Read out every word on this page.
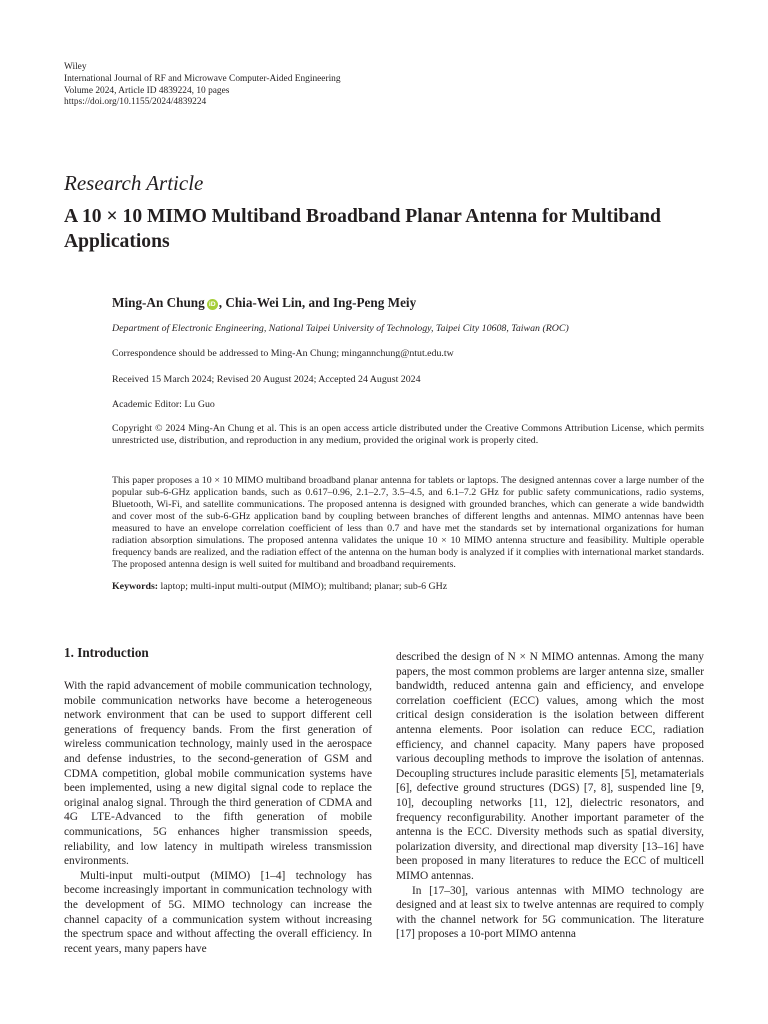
Wiley
International Journal of RF and Microwave Computer-Aided Engineering
Volume 2024, Article ID 4839224, 10 pages
https://doi.org/10.1155/2024/4839224
Research Article
A 10 × 10 MIMO Multiband Broadband Planar Antenna for Multiband Applications
Ming-An Chung iD , Chia-Wei Lin, and Ing-Peng Meiy
Department of Electronic Engineering, National Taipei University of Technology, Taipei City 10608, Taiwan (ROC)
Correspondence should be addressed to Ming-An Chung; mingannchung@ntut.edu.tw
Received 15 March 2024; Revised 20 August 2024; Accepted 24 August 2024
Academic Editor: Lu Guo
Copyright © 2024 Ming-An Chung et al. This is an open access article distributed under the Creative Commons Attribution License, which permits unrestricted use, distribution, and reproduction in any medium, provided the original work is properly cited.

This paper proposes a 10 × 10 MIMO multiband broadband planar antenna for tablets or laptops. The designed antennas cover a large number of the popular sub-6-GHz application bands, such as 0.617–0.96, 2.1–2.7, 3.5–4.5, and 6.1–7.2 GHz for public safety communications, radio systems, Bluetooth, Wi-Fi, and satellite communications. The proposed antenna is designed with grounded branches, which can generate a wide bandwidth and cover most of the sub-6-GHz application band by coupling between branches of different lengths and antennas. MIMO antennas have been measured to have an envelope correlation coefficient of less than 0.7 and have met the standards set by international organizations for human radiation absorption simulations. The proposed antenna validates the unique 10 × 10 MIMO antenna structure and feasibility. Multiple operable frequency bands are realized, and the radiation effect of the antenna on the human body is analyzed if it complies with international market standards. The proposed antenna design is well suited for multiband and broadband requirements.

Keywords: laptop; multi-input multi-output (MIMO); multiband; planar; sub-6 GHz
1. Introduction

With the rapid advancement of mobile communication technology, mobile communication networks have become a heterogeneous network environment that can be used to support different cell generations of frequency bands. From the first generation of wireless communication technology, mainly used in the aerospace and defense industries, to the second-generation of GSM and CDMA competition, global mobile communication systems have been implemented, using a new digital signal code to replace the original analog signal. Through the third generation of CDMA and 4G LTE-Advanced to the fifth generation of mobile communications, 5G enhances higher transmission speeds, reliability, and low latency in multipath wireless transmission environments.

Multi-input multi-output (MIMO) [1–4] technology has become increasingly important in communication technology with the development of 5G. MIMO technology can increase the channel capacity of a communication system without increasing the spectrum space and without affecting the overall efficiency. In recent years, many papers have

described the design of N × N MIMO antennas. Among the many papers, the most common problems are larger antenna size, smaller bandwidth, reduced antenna gain and efficiency, and envelope correlation coefficient (ECC) values, among which the most critical design consideration is the isolation between different antenna elements. Poor isolation can reduce ECC, radiation efficiency, and channel capacity. Many papers have proposed various decoupling methods to improve the isolation of antennas. Decoupling structures include parasitic elements [5], metamaterials [6], defective ground structures (DGS) [7, 8], suspended line [9, 10], decoupling networks [11, 12], dielectric resonators, and frequency reconfigurability. Another important parameter of the antenna is the ECC. Diversity methods such as spatial diversity, polarization diversity, and directional map diversity [13–16] have been proposed in many literatures to reduce the ECC of multicell MIMO antennas.

In [17–30], various antennas with MIMO technology are designed and at least six to twelve antennas are required to comply with the channel network for 5G communication. The literature [17] proposes a 10-port MIMO antenna
